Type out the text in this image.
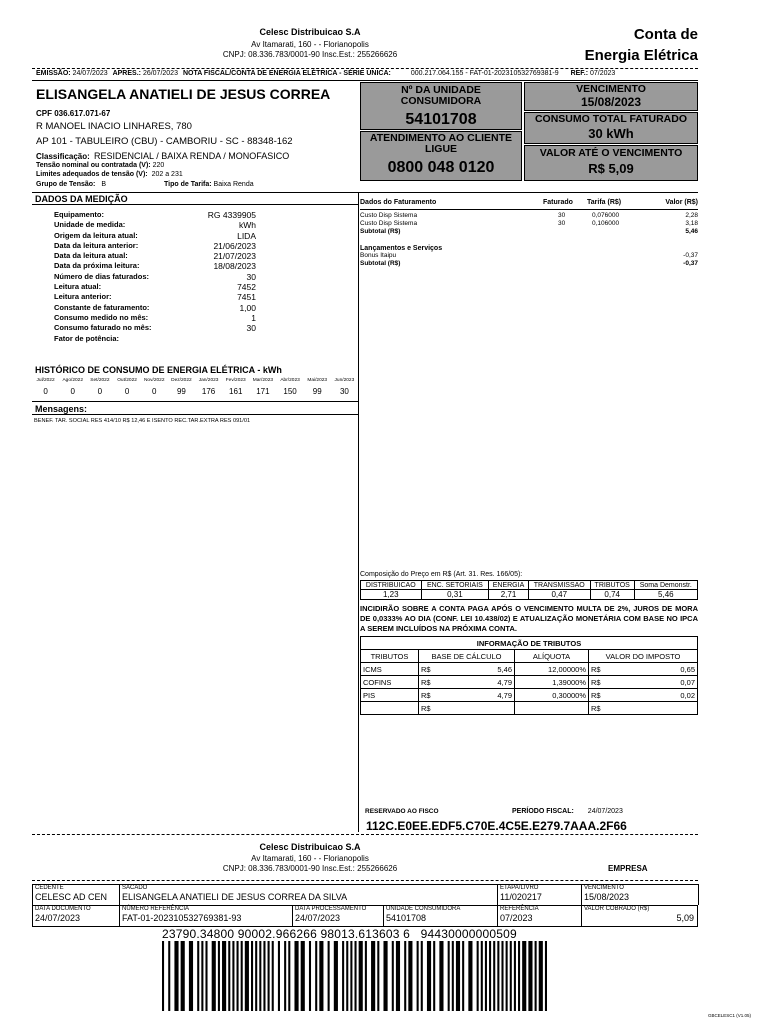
Celesc Distribuicao S.A
Av Itamarati, 160 - - Florianopolis
CNPJ: 08.336.783/0001-90 Insc.Est.: 255266626
Conta de
Energia Elétrica
EMISSÃO: 24/07/2023 APRES.: 26/07/2023 NOTA FISCAL/CONTA DE ENERGIA ELÉTRICA - SÉRIE ÚNICA:	000.217.064.155 - FAT-01-202310532769381-9 REF.: 07/2023
ELISANGELA ANATIELI DE JESUS CORREA
CPF 036.617.071-67
R MANOEL INACIO LINHARES, 780
AP 101 - TABULEIRO (CBU) - CAMBORIU - SC - 88348-162
Classificação: RESIDENCIAL / BAIXA RENDA / MONOFASICO
Tensão nominal ou contratada (V): 220
Limites adequados de tensão (V): 202 a 231
Grupo de Tensão: B	Tipo de Tarifa: Baixa Renda
Nº DA UNIDADE CONSUMIDORA
54101708
VENCIMENTO
15/08/2023
CONSUMO TOTAL FATURADO
30 kWh
ATENDIMENTO AO CLIENTE LIGUE
0800 048 0120
VALOR ATÉ O VENCIMENTO
R$ 5,09
DADOS DA MEDIÇÃO
Equipamento:	RG 4339905
Unidade de medida:	kWh
Origem da leitura atual:	LIDA
Data da leitura anterior:	21/06/2023
Data da leitura atual:	21/07/2023
Data da próxima leitura:	18/08/2023
Número de dias faturados:	30
Leitura atual:	7452
Leitura anterior:	7451
Constante de faturamento:	1,00
Consumo medido no mês:	1
Consumo faturado no mês:	30
Fator de potência:	
HISTÓRICO DE CONSUMO DE ENERGIA ELÉTRICA - kWh
Jul/2022	Ago/2022	Set/2022	Out/2022	Nov/2022	Dez/2022	Jan/2023	Fev/2023	Mar/2023	Abr/2023	Mai/2023	Jun/2023
0	0	0	0	0	99	176	161	171	150	99	30
Mensagens:
BENEF. TAR. SOCIAL RES 414/10 R$ 12,46 E ISENTO REC.TAR.EXTRA RES 091/01
Dados do Faturamento	Faturado Tarifa (R$)	Valor (R$)
Custo Disp Sistema	30	0,076000	2,28
Custo Disp Sistema	30	0,106000	3,18
Subtotal (R$)	5,46
Lançamentos e Serviços
Bonus Itaipu	-0,37
Subtotal (R$)	-0,37
Composição do Preço em R$ (Art. 31. Res. 166/05):
DISTRIBUICAO	ENC. SETORIAIS	ENERGIA	TRANSMISSAO	TRIBUTOS	Soma Demonstr.
1,23	0,31	2,71	0,47	0,74	5,46
INCIDIRÃO SOBRE A CONTA PAGA APÓS O VENCIMENTO MULTA DE 2%, JUROS DE MORA DE 0,0333% AO DIA (CONF. LEI 10.438/02) E ATUALIZAÇÃO MONETÁRIA COM BASE NO IPCA A SEREM INCLUÍDOS NA PRÓXIMA CONTA.
INFORMAÇÃO DE TRIBUTOS					
TRIBUTOS	BASE DE CÁLCULO		ALÍQUOTA	VALOR DO IMPOSTO	
ICMS	R$	5,46	12,00000%	R$	0,65
COFINS	R$	4,79	1,39000%	R$	0,07
PIS	R$	4,79	0,30000%	R$	0,02
	R$			R$	
RESERVADO AO FISCO	PERÍODO FISCAL: 24/07/2023
112C.E0EE.EDF5.C70E.4C5E.E279.7AAA.2F66
Celesc Distribuicao S.A
Av Itamarati, 160 - - Florianopolis
CNPJ: 08.336.783/0001-90 Insc.Est.: 255266626	EMPRESA
CEDENTE
CELESC AD CEN
SACADO
ELISANGELA ANATIELI DE JESUS CORREA DA SILVA
ETAPA/LIVRO
11/020217
VENCIMENTO
15/08/2023
DATA DOCUMENTO
24/07/2023
NÚMERO REFERÊNCIA
FAT-01-202310532769381-93
DATA PROCESSAMENTO
24/07/2023
UNIDADE CONSUMIDORA
54101708
REFERÊNCIA
07/2023
VALOR COBRADO (R$)
5,09
23790.34800 90002.966266 98013.613603 6   94430000000509
GBCELESC1 (V1.05)
